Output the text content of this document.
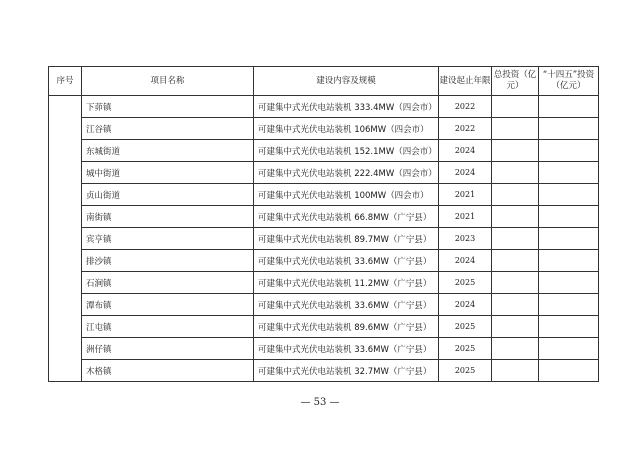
序号	项目名称	建设内容及规模	建设起止年限	总投资（亿元）	“十四五”投资（亿元）
	下茆镇	可建集中式光伏电站装机 333.4MW（四会市）	2022		
	江谷镇	可建集中式光伏电站装机 106MW（四会市）	2022		
	东城街道	可建集中式光伏电站装机 152.1MW（四会市）	2024		
	城中街道	可建集中式光伏电站装机 222.4MW（四会市）	2024		
	贞山街道	可建集中式光伏电站装机 100MW（四会市）	2021		
	南街镇	可建集中式光伏电站装机 66.8MW（广宁县）	2021		
	宾亨镇	可建集中式光伏电站装机 89.7MW（广宁县）	2023		
	排沙镇	可建集中式光伏电站装机 33.6MW（广宁县）	2024		
	石涧镇	可建集中式光伏电站装机 11.2MW（广宁县）	2025		
	潭布镇	可建集中式光伏电站装机 33.6MW（广宁县）	2024		
	江屯镇	可建集中式光伏电站装机 89.6MW（广宁县）	2025		
	洲仔镇	可建集中式光伏电站装机 33.6MW（广宁县）	2025		
	木格镇	可建集中式光伏电站装机 32.7MW（广宁县）	2025		
— 53 —
